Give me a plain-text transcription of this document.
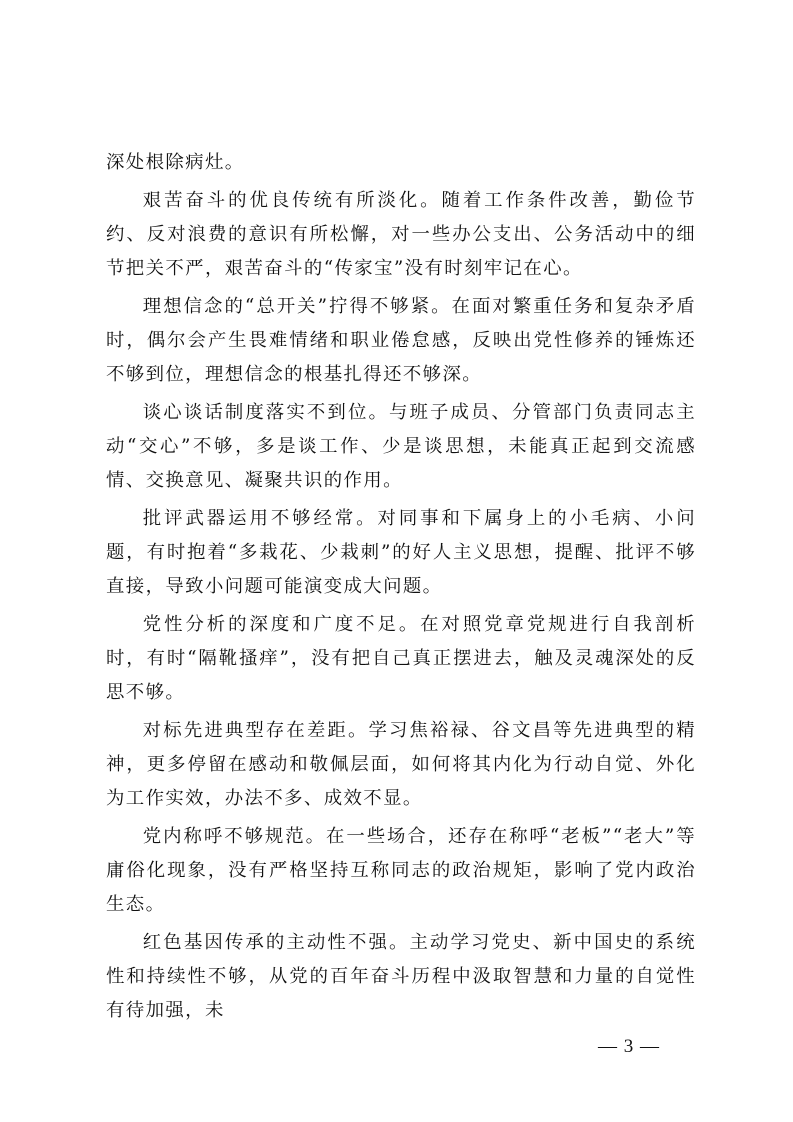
深处根除病灶。

艰苦奋斗的优良传统有所淡化。随着工作条件改善，勤俭节约、反对浪费的意识有所松懈，对一些办公支出、公务活动中的细节把关不严，艰苦奋斗的“传家宝”没有时刻牢记在心。

理想信念的“总开关”拧得不够紧。在面对繁重任务和复杂矛盾时，偶尔会产生畏难情绪和职业倦怠感，反映出党性修养的锤炼还不够到位，理想信念的根基扎得还不够深。

谈心谈话制度落实不到位。与班子成员、分管部门负责同志主动“交心”不够，多是谈工作、少是谈思想，未能真正起到交流感情、交换意见、凝聚共识的作用。

批评武器运用不够经常。对同事和下属身上的小毛病、小问题，有时抱着“多栽花、少栽刺”的好人主义思想，提醒、批评不够直接，导致小问题可能演变成大问题。

党性分析的深度和广度不足。在对照党章党规进行自我剖析时，有时“隔靴搔痒”，没有把自己真正摆进去，触及灵魂深处的反思不够。

对标先进典型存在差距。学习焦裕禄、谷文昌等先进典型的精神，更多停留在感动和敬佩层面，如何将其内化为行动自觉、外化为工作实效，办法不多、成效不显。

党内称呼不够规范。在一些场合，还存在称呼“老板”“老大”等庸俗化现象，没有严格坚持互称同志的政治规矩，影响了党内政治生态。

红色基因传承的主动性不强。主动学习党史、新中国史的系统性和持续性不够，从党的百年奋斗历程中汲取智慧和力量的自觉性有待加强，未

— 3 —
